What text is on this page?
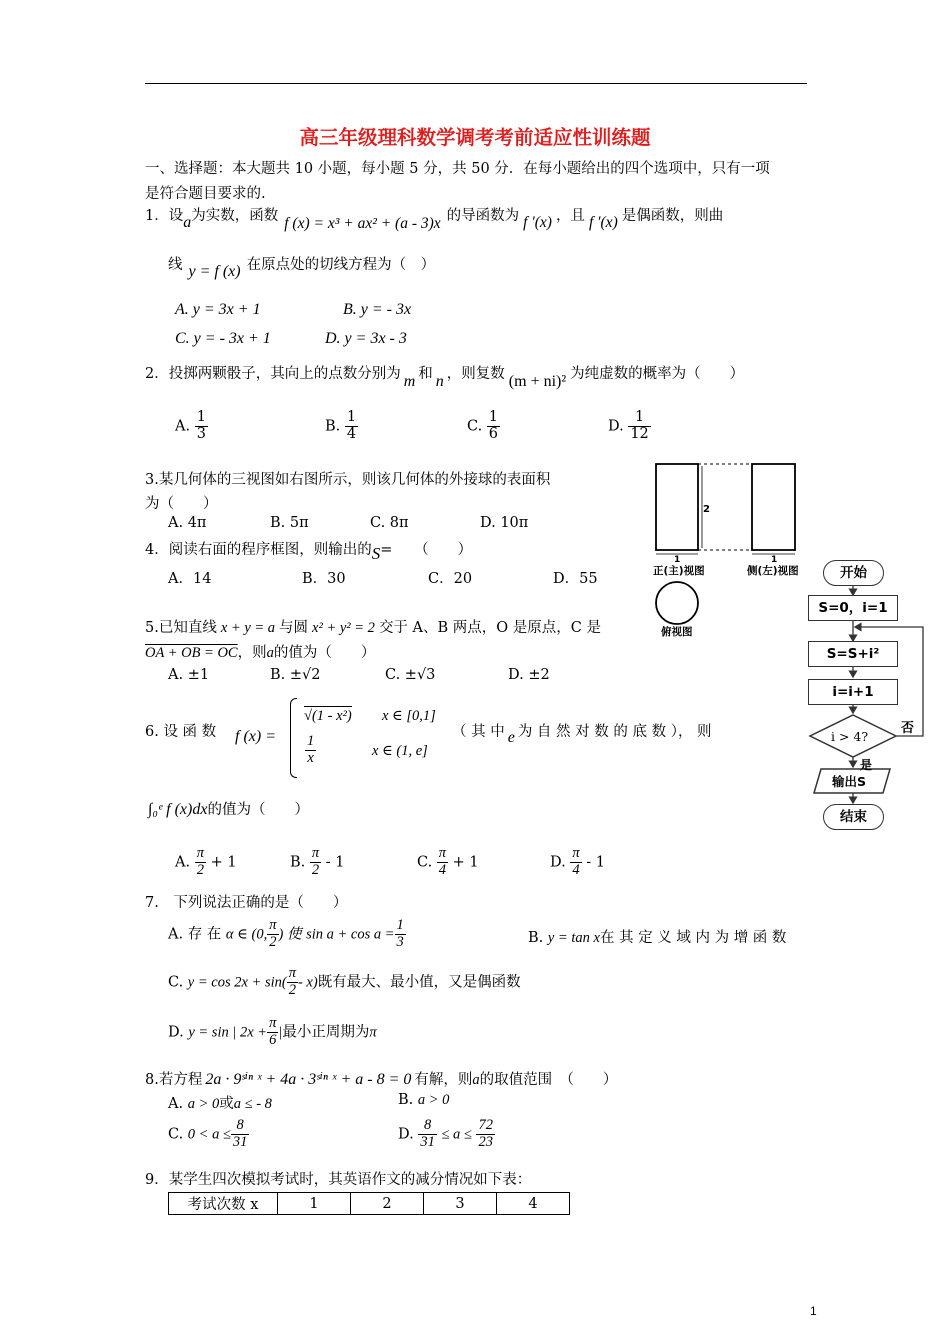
高三年级理科数学调考考前适应性训练题
一、选择题：本大题共 10 小题，每小题 5 分，共 50 分．在每小题给出的四个选项中，只有一项
是符合题目要求的.
1．设a为实数，函数 f (x) = x³ + ax² + (a - 3)x 的导函数为 f ′(x) ，且 f ′(x) 是偶函数，则曲
线 y = f (x) 在原点处的切线方程为（　）
A. y = 3x + 1	B. y = - 3x
C. y = - 3x + 1	D. y = 3x - 3
2．投掷两颗骰子，其向上的点数分别为 m 和 n ，则复数 (m + ni)² 为纯虚数的概率为（　　）
A. $\frac{1}{3}$	B. $\frac{1}{4}$	C. $\frac{1}{6}$	D. $\frac{1}{12}$
3.某几何体的三视图如右图所示，则该几何体的外接球的表面积
为（　　）
A. 4π	B. 5π	C. 8π	D. 10π
2
1	1
正(主)视图	侧(左)视图
俯视图
4．阅读右面的程序框图，则输出的S=　　（　　）
A．14	B．30	C．20	D．55
i > 4?
否
是
输出S
开始
S=0，i=1
S=S+i²
i=i+1
结束
5.已知直线 x + y = a 与圆 x² + y² = 2 交于 A、B 两点，O 是原点，C 是
OA + OB = OC，则a的值为（　　）
A. ±1	B. ±√2	C. ±√3	D. ±2
6. 设 函 数 f (x) =
√(1 - x²) x ∈ [0,1]
$\frac{1}{x}$	x ∈ (1, e]
（ 其 中 e 为 自 然 对 数 的 底 数 ）， 则
∫₀ᵉ f (x)dx的值为（　　）
A. $\frac{\pi}{2} + 1$	B. $\frac{\pi}{2} - 1$	C. $\frac{\pi}{4} + 1$	D. $\frac{\pi}{4} - 1$
7.　下列说法正确的是（　　）
A. 存 在 α ∈ (0, $\frac{\pi}{2}$ ) 使 $\sin a + \cos a = \frac{1}{3}$	B. y = tan x在 其 定 义 域 内 为 增 函 数
C. $y = \cos 2x + \sin( \frac{\pi}{2} - x)$既有最大、最小值，又是偶函数
D. y = sin | $2x + \frac{\pi}{6}$ |最小正周期为π
8.若方程 2a · 9ˢⁱⁿ ˣ + 4a · 3ˢⁱⁿ ˣ + a - 8 = 0 有解，则a的取值范围　（　　）
A. a > 0或a ≤ - 8	B. a > 0
C. $0 < a \le \frac{8}{31}$	D. $\frac{8}{31} \le a \le \frac{72}{23}$
9．某学生四次模拟考试时，其英语作文的减分情况如下表：
考试次数 x	1	2	3	4
1
